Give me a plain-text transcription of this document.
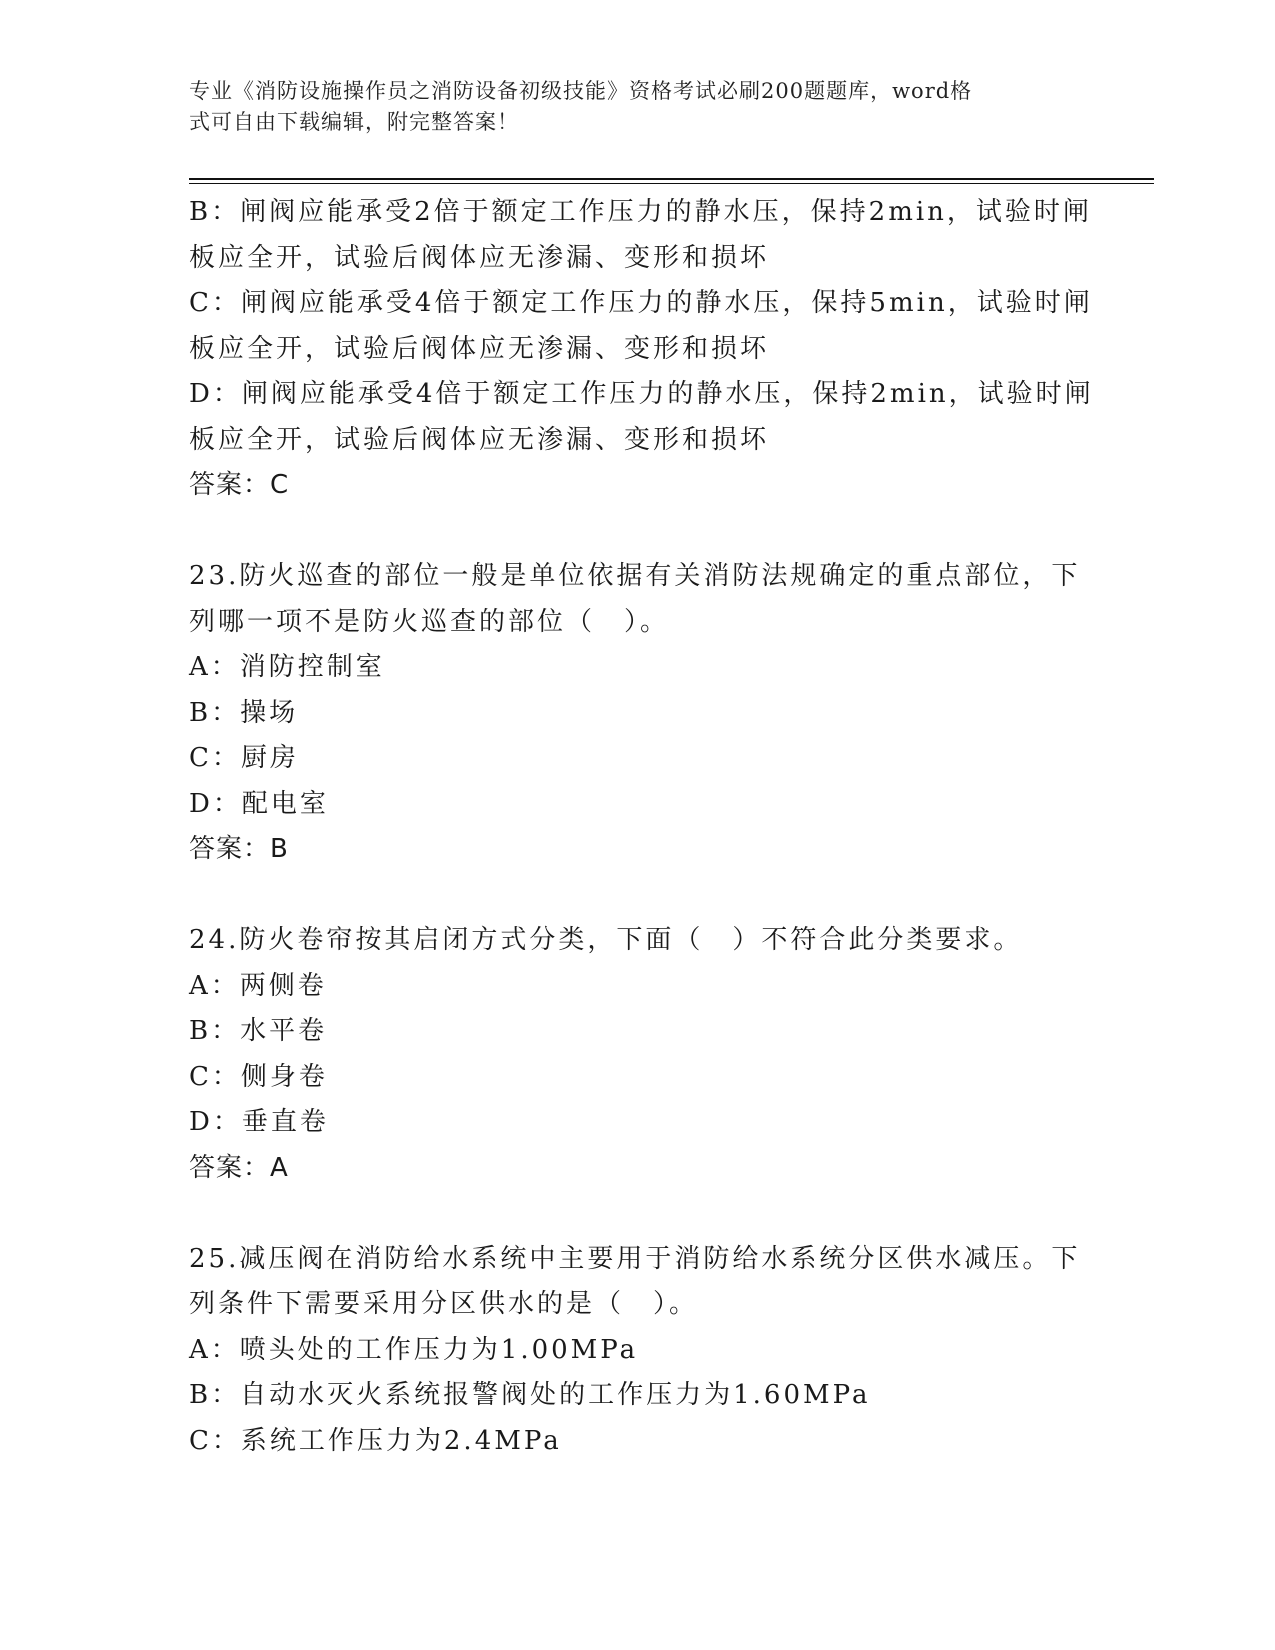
专业《消防设施操作员之消防设备初级技能》资格考试必刷200题题库，word格
式可自由下载编辑，附完整答案！
B：闸阀应能承受2倍于额定工作压力的静水压，保持2min，试验时闸
板应全开，试验后阀体应无渗漏、变形和损坏
C：闸阀应能承受4倍于额定工作压力的静水压，保持5min，试验时闸
板应全开，试验后阀体应无渗漏、变形和损坏
D：闸阀应能承受4倍于额定工作压力的静水压，保持2min，试验时闸
板应全开，试验后阀体应无渗漏、变形和损坏
答案：C
23.防火巡查的部位一般是单位依据有关消防法规确定的重点部位，下
列哪一项不是防火巡查的部位（　）。
A：消防控制室
B：操场
C：厨房
D：配电室
答案：B
24.防火卷帘按其启闭方式分类，下面（　）不符合此分类要求。
A：两侧卷
B：水平卷
C：侧身卷
D：垂直卷
答案：A
25.减压阀在消防给水系统中主要用于消防给水系统分区供水减压。下
列条件下需要采用分区供水的是（　）。
A：喷头处的工作压力为1.00MPa
B：自动水灭火系统报警阀处的工作压力为1.60MPa
C：系统工作压力为2.4MPa
